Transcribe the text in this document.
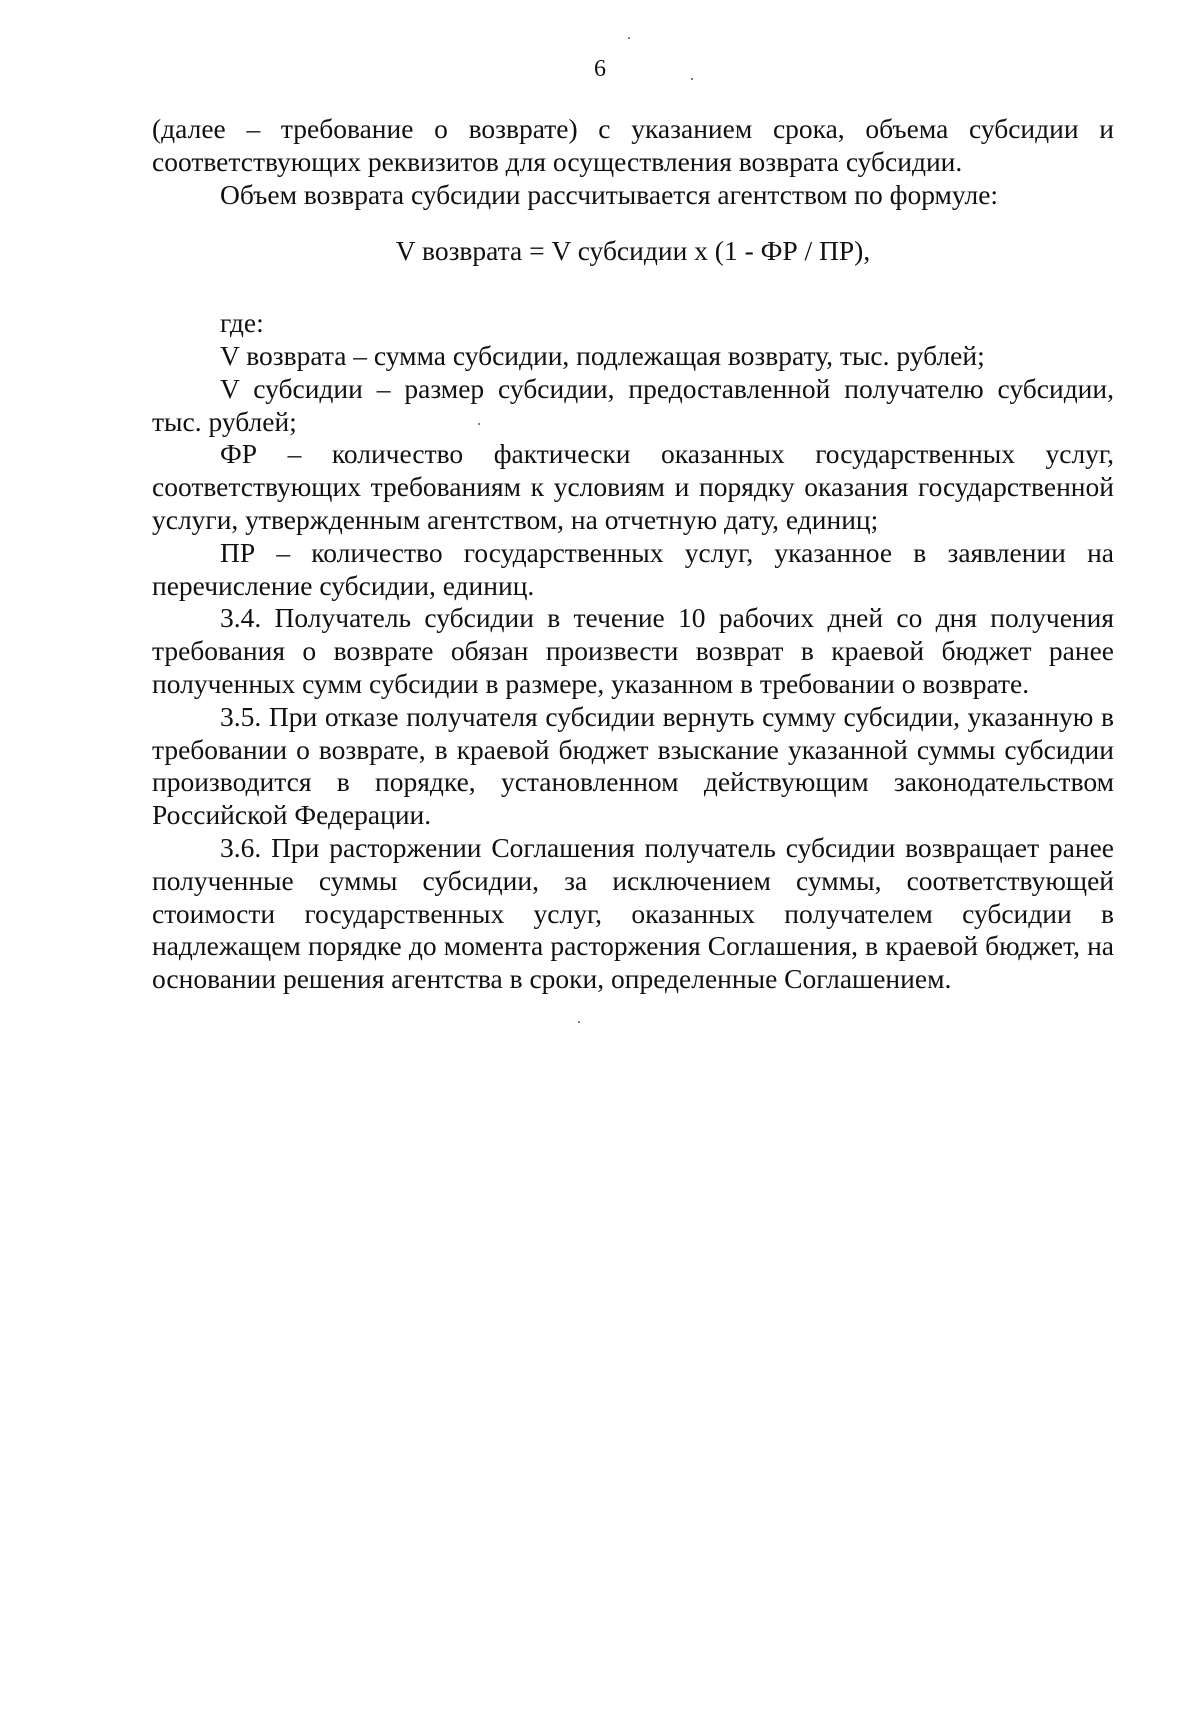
6

(далее – требование о возврате) с указанием срока, объема субсидии и соответствующих реквизитов для осуществления возврата субсидии.

Объем возврата субсидии рассчитывается агентством по формуле:

V возврата = V субсидии х (1 - ФР / ПР),

где:

V возврата – сумма субсидии, подлежащая возврату, тыс. рублей;

V субсидии – размер субсидии, предоставленной получателю субсидии, тыс. рублей;

ФР – количество фактически оказанных государственных услуг, соответствующих требованиям к условиям и порядку оказания государственной услуги, утвержденным агентством, на отчетную дату, единиц;

ПР – количество государственных услуг, указанное в заявлении на перечисление субсидии, единиц.

3.4. Получатель субсидии в течение 10 рабочих дней со дня получения требования о возврате обязан произвести возврат в краевой бюджет ранее полученных сумм субсидии в размере, указанном в требовании о возврате.

3.5. При отказе получателя субсидии вернуть сумму субсидии, указанную в требовании о возврате, в краевой бюджет взыскание указанной суммы субсидии производится в порядке, установленном действующим законодательством Российской Федерации.

3.6. При расторжении Соглашения получатель субсидии возвращает ранее полученные суммы субсидии, за исключением суммы, соответствующей стоимости государственных услуг, оказанных получателем субсидии в надлежащем порядке до момента расторжения Соглашения, в краевой бюджет, на основании решения агентства в сроки, определенные Соглашением.
